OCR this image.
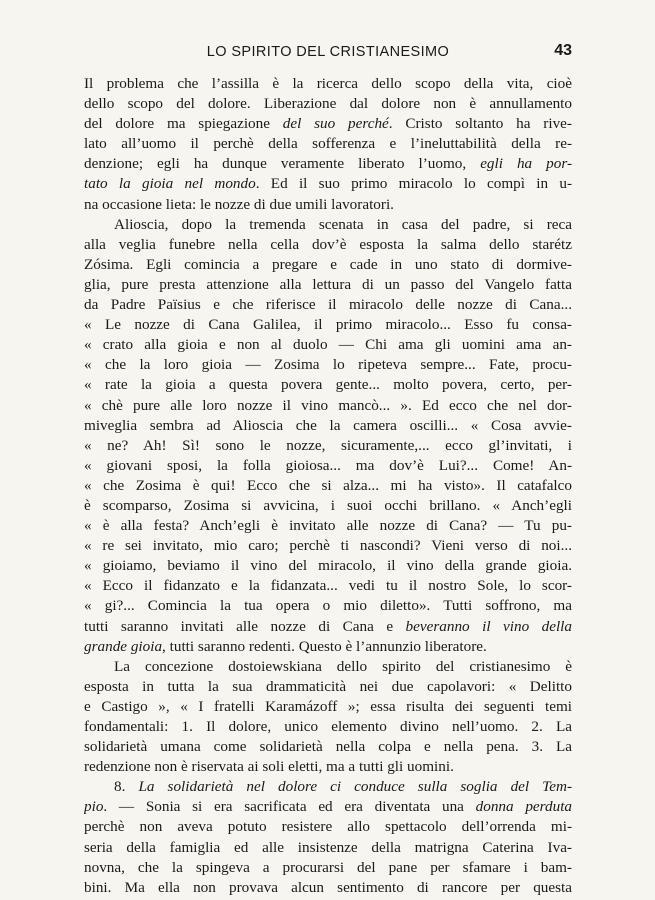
LO SPIRITO DEL CRISTIANESIMO	43
Il problema che l’assilla è la ricerca dello scopo della vita, cioè
dello scopo del dolore. Liberazione dal dolore non è annullamento
del dolore ma spiegazione del suo perché. Cristo soltanto ha rive-
lato all’uomo il perchè della sofferenza e l’ineluttabilità della re-
denzione; egli ha dunque veramente liberato l’uomo, egli ha por-
tato la gioia nel mondo. Ed il suo primo miracolo lo compì in u-
na occasione lieta: le nozze di due umili lavoratori.
Alioscia, dopo la tremenda scenata in casa del padre, si reca
alla veglia funebre nella cella dov’è esposta la salma dello starétz
Zósima. Egli comincia a pregare e cade in uno stato di dormive-
glia, pure presta attenzione alla lettura di un passo del Vangelo fatta
da Padre Païsius e che riferisce il miracolo delle nozze di Cana...
« Le nozze di Cana Galilea, il primo miracolo... Esso fu consa-
« crato alla gioia e non al duolo — Chi ama gli uomini ama an-
« che la loro gioia — Zosima lo ripeteva sempre... Fate, procu-
« rate la gioia a questa povera gente... molto povera, certo, per-
« chè pure alle loro nozze il vino mancò... ». Ed ecco che nel dor-
miveglia sembra ad Alioscia che la camera oscilli... « Cosa avvie-
« ne? Ah! Sì! sono le nozze, sicuramente,... ecco gl’invitati, i
« giovani sposi, la folla gioiosa... ma dov’è Lui?... Come! An-
« che Zosima è qui! Ecco che si alza... mi ha visto». Il catafalco
è scomparso, Zosima si avvicina, i suoi occhi brillano. « Anch’egli
« è alla festa? Anch’egli è invitato alle nozze di Cana? — Tu pu-
« re sei invitato, mio caro; perchè ti nascondi? Vieni verso di noi...
« gioiamo, beviamo il vino del miracolo, il vino della grande gioia.
« Ecco il fidanzato e la fidanzata... vedi tu il nostro Sole, lo scor-
« gi?... Comincia la tua opera o mio diletto». Tutti soffrono, ma
tutti saranno invitati alle nozze di Cana e beveranno il vino della
grande gioia, tutti saranno redenti. Questo è l’annunzio liberatore.
La concezione dostoiewskiana dello spirito del cristianesimo è
esposta in tutta la sua drammaticità nei due capolavori: « Delitto
e Castigo », « I fratelli Karamázoff »; essa risulta dei seguenti temi
fondamentali: 1. Il dolore, unico elemento divino nell’uomo. 2. La
solidarietà umana come solidarietà nella colpa e nella pena. 3. La
redenzione non è riservata ai soli eletti, ma a tutti gli uomini.
8. La solidarietà nel dolore ci conduce sulla soglia del Tem-
pio. — Sonia si era sacrificata ed era diventata una donna perduta
perchè non aveva potuto resistere allo spettacolo dell’orrenda mi-
seria della famiglia ed alle insistenze della matrigna Caterina Iva-
novna, che la spingeva a procurarsi del pane per sfamare i bam-
bini. Ma ella non provava alcun sentimento di rancore per questa
